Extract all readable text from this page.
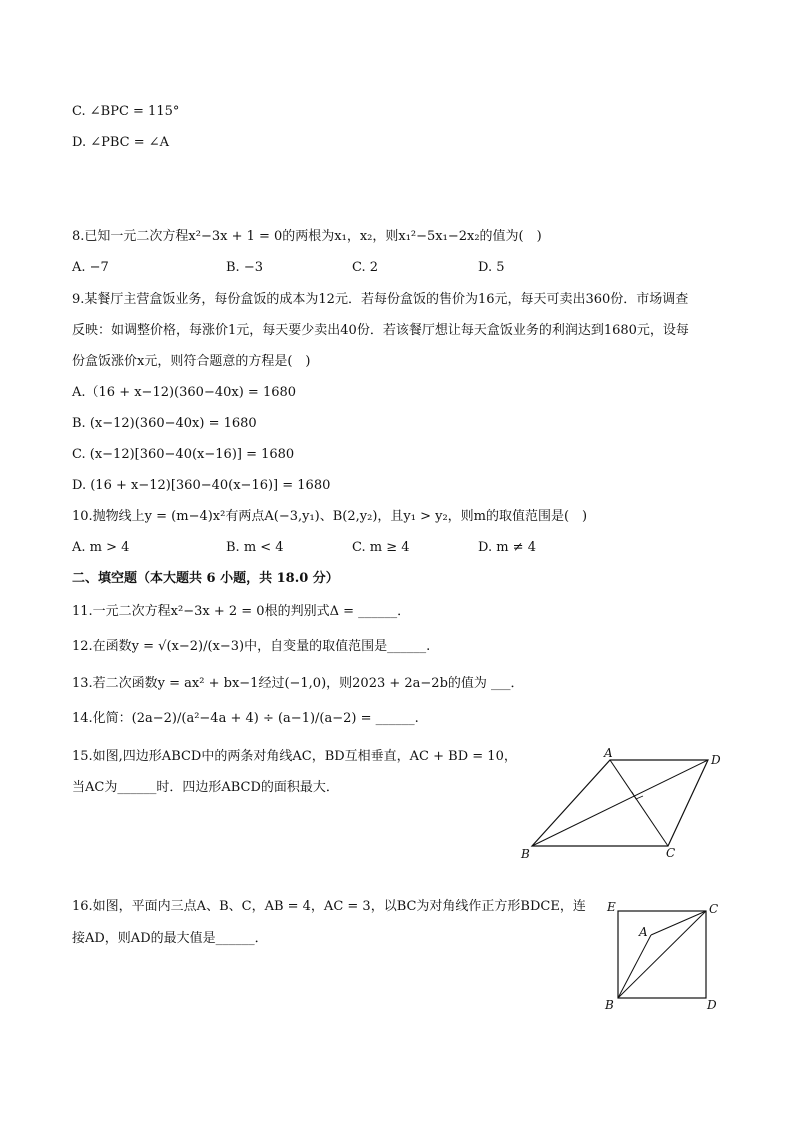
C. ∠BPC = 115°
D. ∠PBC = ∠A
8.已知一元二次方程x²−3x + 1 = 0的两根为x₁，x₂，则x₁²−5x₁−2x₂的值为(　)
A. −7	B. −3	C. 2	D. 5
9.某餐厅主营盒饭业务，每份盒饭的成本为12元．若每份盒饭的售价为16元，每天可卖出360份．市场调查
反映：如调整价格，每涨价1元，每天要少卖出40份．若该餐厅想让每天盒饭业务的利润达到1680元，设每
份盒饭涨价x元，则符合题意的方程是(　)
A.（16 + x−12)(360−40x) = 1680
B. (x−12)(360−40x) = 1680
C. (x−12)[360−40(x−16)] = 1680
D. (16 + x−12)[360−40(x−16)] = 1680
10.抛物线上y = (m−4)x²有两点A(−3,y₁)、B(2,y₂)，且y₁ > y₂，则m的取值范围是(　)
A. m > 4	B. m < 4	C. m ≥ 4	D. m ≠ 4
二、填空题（本大题共 6 小题，共 18.0 分）
11.一元二次方程x²−3x + 2 = 0根的判别式Δ = ______．
12.在函数y = √(x−2)/(x−3)中，自变量的取值范围是______.
13.若二次函数y = ax² + bx−1经过(−1,0)，则2023 + 2a−2b的值为 ___．
14.化简：(2a−2)/(a²−4a + 4) ÷ (a−1)/(a−2) = ______.
15.如图,四边形ABCD中的两条对角线AC，BD互相垂直，AC + BD = 10，
当AC为______时．四边形ABCD的面积最大．
A	D
B	C
16.如图，平面内三点A、B、C，AB = 4，AC = 3，以BC为对角线作正方形BDCE，连
接AD，则AD的最大值是______．
E	C
A
B	D
